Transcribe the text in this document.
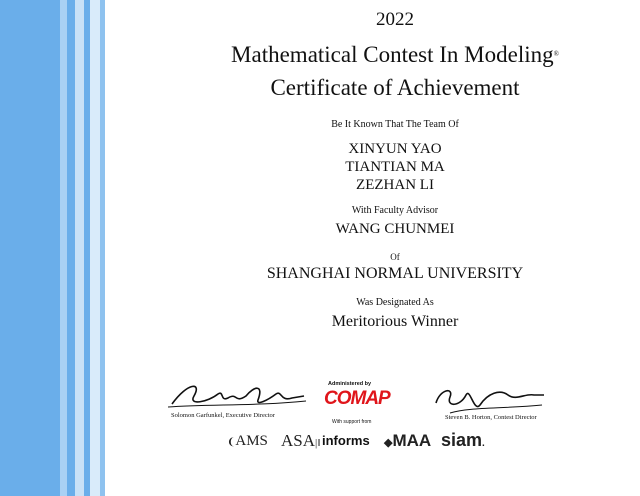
2022
Mathematical Contest In Modeling®
Certificate of Achievement
Be It Known That The Team Of
XINYUN YAO
TIANTIAN MA
ZEZHAN LI
With Faculty Advisor
WANG CHUNMEI
Of
SHANGHAI NORMAL UNIVERSITY
Was Designated As
Meritorious Winner
Solomon Garfunkel, Executive Director	Steven B. Horton, Contest Director
Administered by
COMAP
With support from
❨AMS ASA|‖ informs ◆MAA siam.
